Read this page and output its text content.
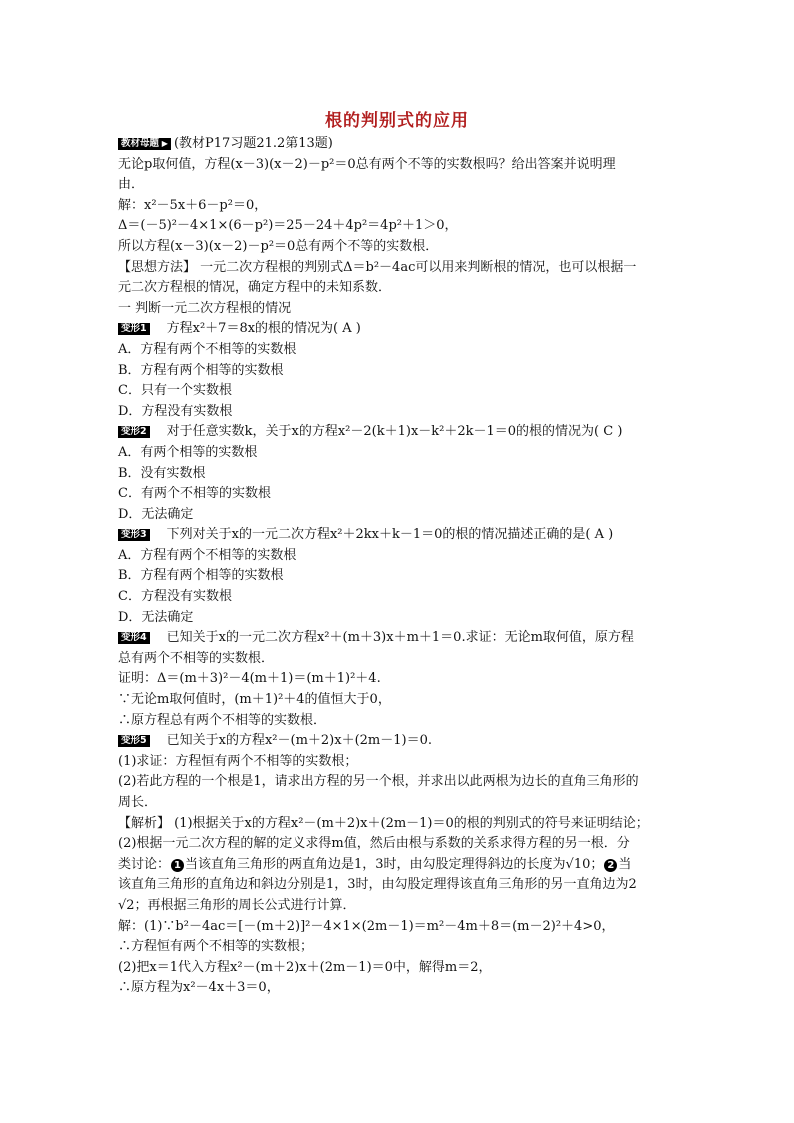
根的判别式的应用
教材母题 ▶ (教材P17习题21.2第13题)
无论p取何值，方程(x－3)(x－2)－p²＝0总有两个不等的实数根吗？给出答案并说明理
由．
解：x²－5x＋6－p²＝0，
Δ＝(－5)²－4×1×(6－p²)＝25－24＋4p²＝4p²＋1＞0，
所以方程(x－3)(x－2)－p²＝0总有两个不等的实数根．
【思想方法】 一元二次方程根的判别式Δ＝b²－4ac可以用来判断根的情况，也可以根据一
元二次方程根的情况，确定方程中的未知系数．
一 判断一元二次方程根的情况
变形1 方程x²＋7＝8x的根的情况为( A )
A．方程有两个不相等的实数根
B．方程有两个相等的实数根
C．只有一个实数根
D．方程没有实数根
变形2 对于任意实数k，关于x的方程x²－2(k＋1)x－k²＋2k－1＝0的根的情况为( C )
A．有两个相等的实数根
B．没有实数根
C．有两个不相等的实数根
D．无法确定
变形3 下列对关于x的一元二次方程x²＋2kx＋k－1＝0的根的情况描述正确的是( A )
A．方程有两个不相等的实数根
B．方程有两个相等的实数根
C．方程没有实数根
D．无法确定
变形4 已知关于x的一元二次方程x²＋(m＋3)x＋m＋1＝0.求证：无论m取何值，原方程
总有两个不相等的实数根．
证明：Δ＝(m＋3)²－4(m＋1)＝(m＋1)²＋4.
∵无论m取何值时，(m＋1)²＋4的值恒大于0，
∴原方程总有两个不相等的实数根．
变形5 已知关于x的方程x²－(m＋2)x＋(2m－1)＝0.
(1)求证：方程恒有两个不相等的实数根；
(2)若此方程的一个根是1，请求出方程的另一个根，并求出以此两根为边长的直角三角形的
周长．
【解析】 (1)根据关于x的方程x²－(m＋2)x＋(2m－1)＝0的根的判别式的符号来证明结论；
(2)根据一元二次方程的解的定义求得m值，然后由根与系数的关系求得方程的另一根．分
类讨论： 1 当该直角三角形的两直角边是1，3时，由勾股定理得斜边的长度为√10； 2 当
该直角三角形的直角边和斜边分别是1，3时，由勾股定理得该直角三角形的另一直角边为2
√2；再根据三角形的周长公式进行计算．
解：(1)∵b²－4ac＝[－(m＋2)]²－4×1×(2m－1)＝m²－4m＋8＝(m－2)²＋4>0，
∴方程恒有两个不相等的实数根；
(2)把x＝1代入方程x²－(m＋2)x＋(2m－1)＝0中，解得m＝2，
∴原方程为x²－4x＋3＝0，
